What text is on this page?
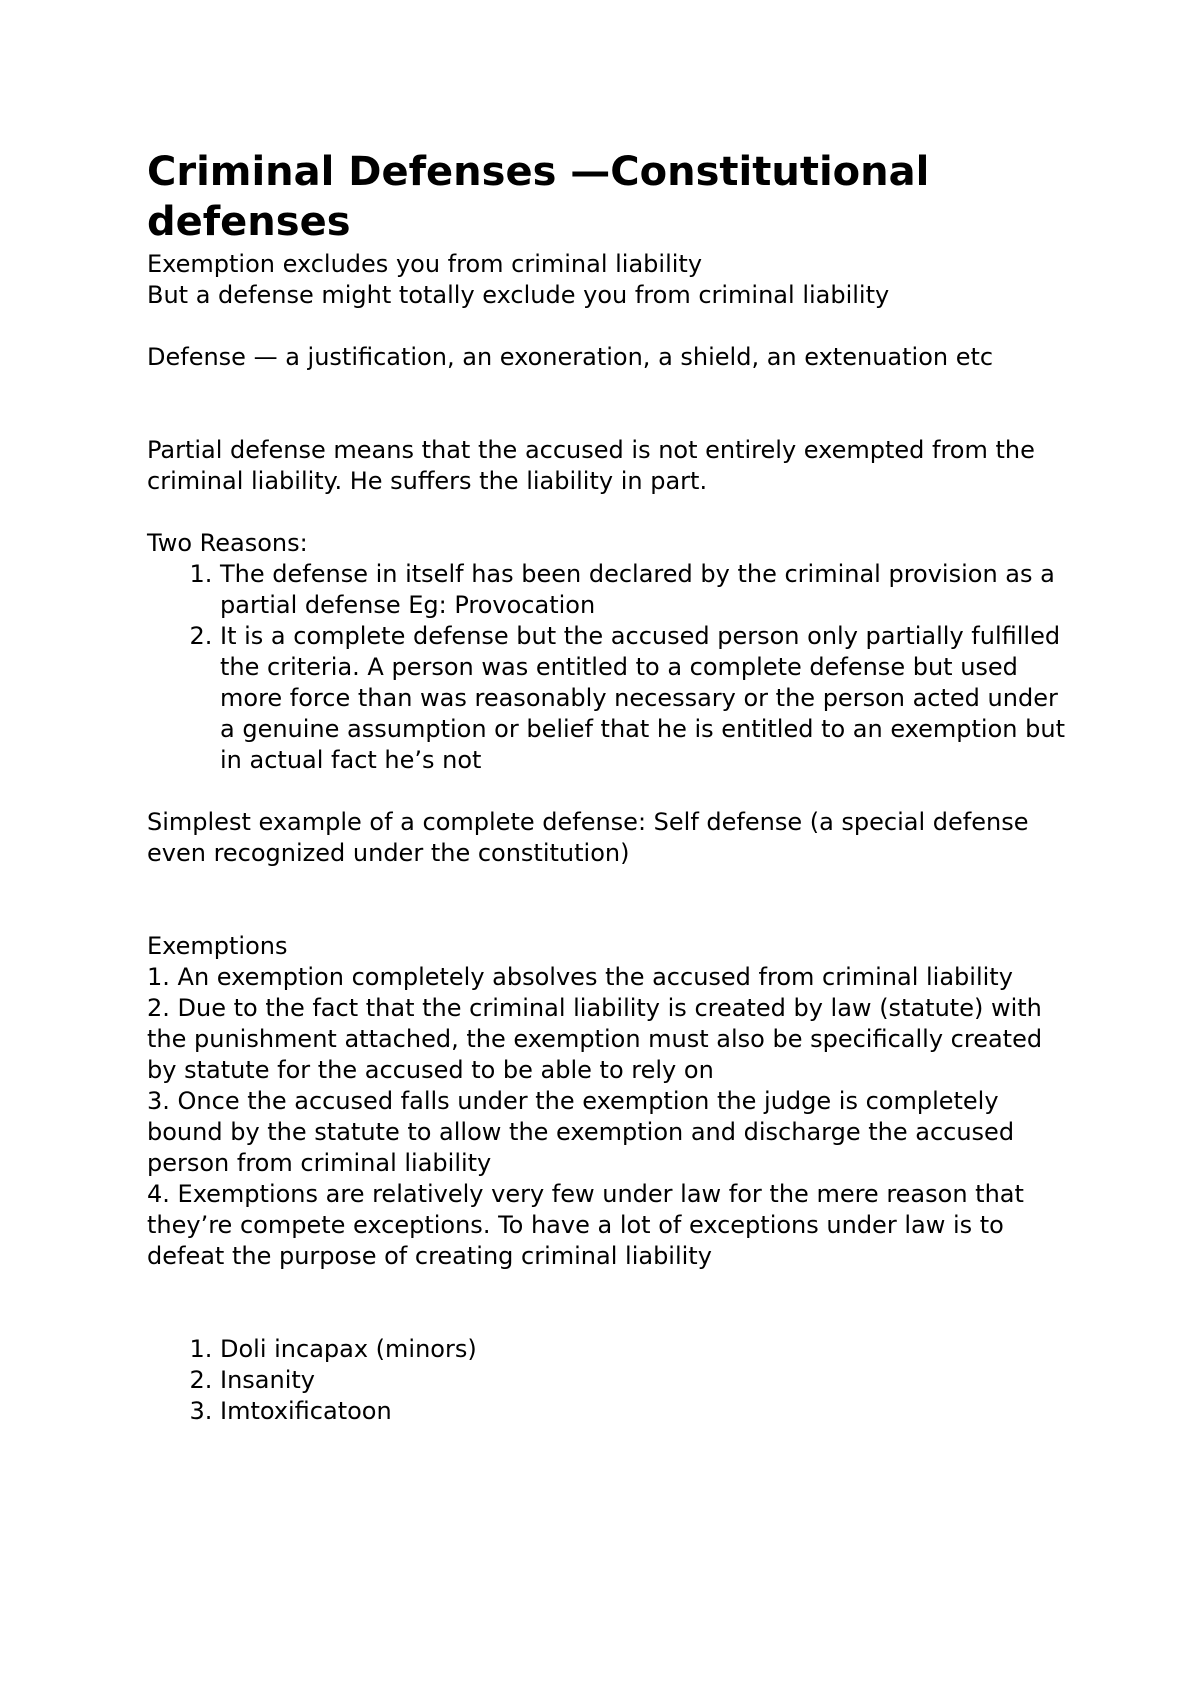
Criminal Defenses —Constitutional defenses

Exemption excludes you from criminal liability

But a defense might totally exclude you from criminal liability

Defense — a justification, an exoneration, a shield, an extenuation etc

Partial defense means that the accused is not entirely exempted from the criminal liability. He suffers the liability in part.

Two Reasons:

1. The defense in itself has been declared by the criminal provision as a partial defense Eg: Provocation
2. It is a complete defense but the accused person only partially fulfilled the criteria. A person was entitled to a complete defense but used more force than was reasonably necessary or the person acted under a genuine assumption or belief that he is entitled to an exemption but in actual fact he’s not

Simplest example of a complete defense: Self defense (a special defense even recognized under the constitution)

Exemptions

1. An exemption completely absolves the accused from criminal liability

2. Due to the fact that the criminal liability is created by law (statute) with the punishment attached, the exemption must also be specifically created by statute for the accused to be able to rely on

3. Once the accused falls under the exemption the judge is completely bound by the statute to allow the exemption and discharge the accused person from criminal liability

4. Exemptions are relatively very few under law for the mere reason that they’re compete exceptions. To have a lot of exceptions under law is to defeat the purpose of creating criminal liability

1. Doli incapax (minors)
2. Insanity
3. Imtoxificatoon
